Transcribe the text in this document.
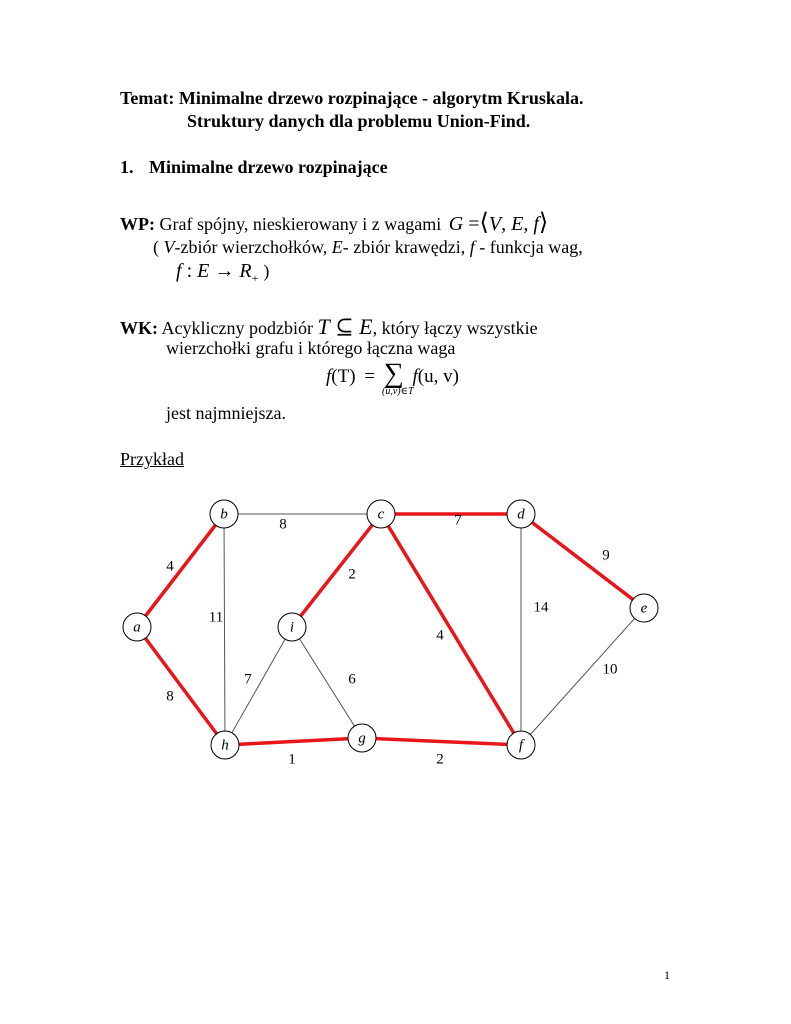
Temat: Minimalne drzewo rozpinające - algorytm Kruskala.
Struktury danych dla problemu Union-Find.
1. Minimalne drzewo rozpinające
WP: Graf spójny, nieskierowany i z wagami G =⟨V, E, f⟩
( V-zbiór wierzchołków, E- zbiór krawędzi, f - funkcja wag,
f : $E \to R_+$ )
WK: Acykliczny podzbiór T ⊆ E, który łączy wszystkie
wierzchołki grafu i którego łączna waga
f(T) = ∑ f(u, v)
(u,v)∈T
jest najmniejsza.
Przykład
4
8
8
11
7
2
4
9
14
10
7	6
1	2
a
b	c	d
e
f
g
h
i
1
